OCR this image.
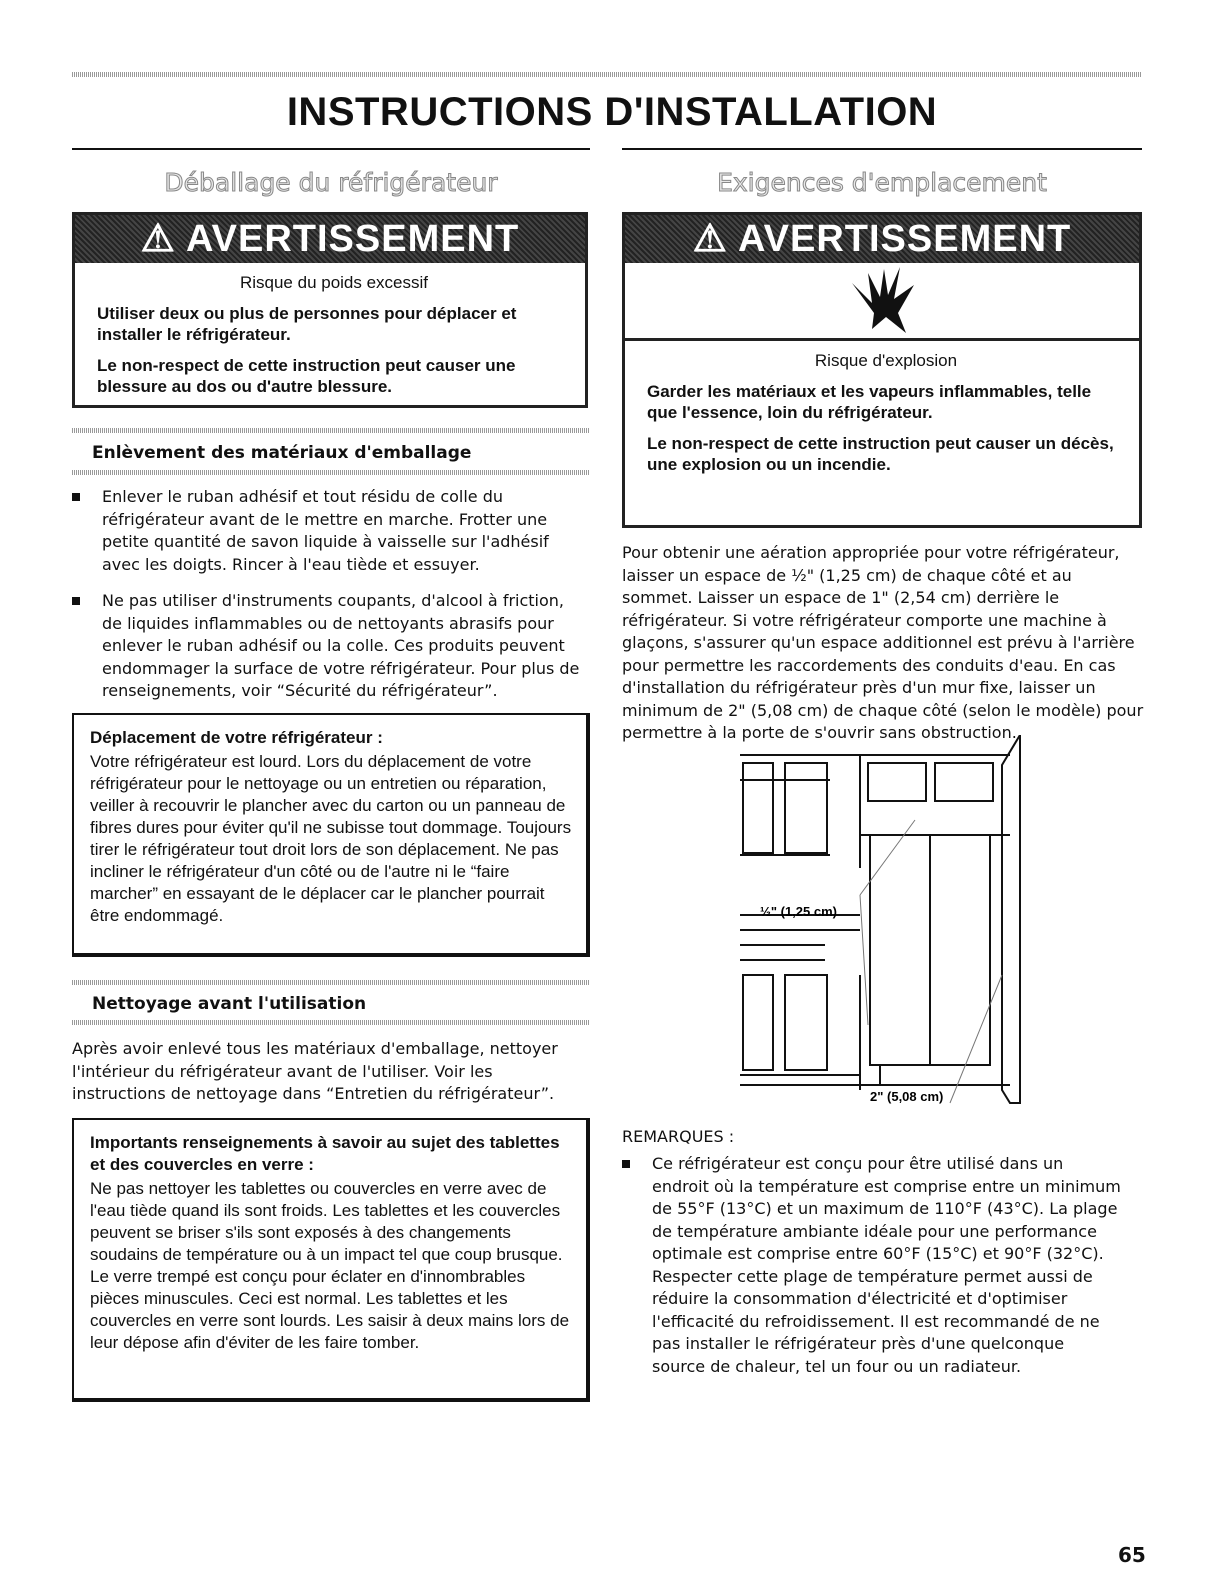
INSTRUCTIONS D'INSTALLATION
Déballage du réfrigérateur
⚠ AVERTISSEMENT
Risque du poids excessif

Utiliser deux ou plus de personnes pour déplacer et installer le réfrigérateur.

Le non-respect de cette instruction peut causer une blessure au dos ou d'autre blessure.

Enlèvement des matériaux d'emballage
Enlever le ruban adhésif et tout résidu de colle du réfrigérateur avant de le mettre en marche. Frotter une petite quantité de savon liquide à vaisselle sur l'adhésif avec les doigts. Rincer à l'eau tiède et essuyer.
Ne pas utiliser d'instruments coupants, d'alcool à friction, de liquides inflammables ou de nettoyants abrasifs pour enlever le ruban adhésif ou la colle. Ces produits peuvent endommager la surface de votre réfrigérateur. Pour plus de renseignements, voir “Sécurité du réfrigérateur”.
Déplacement de votre réfrigérateur :
Votre réfrigérateur est lourd. Lors du déplacement de votre réfrigérateur pour le nettoyage ou un entretien ou réparation, veiller à recouvrir le plancher avec du carton ou un panneau de fibres dures pour éviter qu'il ne subisse tout dommage. Toujours tirer le réfrigérateur tout droit lors de son déplacement. Ne pas incliner le réfrigérateur d'un côté ou de l'autre ni le “faire marcher” en essayant de le déplacer car le plancher pourrait être endommagé.
Nettoyage avant l'utilisation
Après avoir enlevé tous les matériaux d'emballage, nettoyer l'intérieur du réfrigérateur avant de l'utiliser. Voir les instructions de nettoyage dans “Entretien du réfrigérateur”.
Importants renseignements à savoir au sujet des tablettes et des couvercles en verre :
Ne pas nettoyer les tablettes ou couvercles en verre avec de l'eau tiède quand ils sont froids. Les tablettes et les couvercles peuvent se briser s'ils sont exposés à des changements soudains de température ou à un impact tel que coup brusque. Le verre trempé est conçu pour éclater en d'innombrables pièces minuscules. Ceci est normal. Les tablettes et les couvercles en verre sont lourds. Les saisir à deux mains lors de leur dépose afin d'éviter de les faire tomber.
Exigences d'emplacement
⚠ AVERTISSEMENT
Risque d'explosion

Garder les matériaux et les vapeurs inflammables, telle que l'essence, loin du réfrigérateur.

Le non-respect de cette instruction peut causer un décès, une explosion ou un incendie.

Pour obtenir une aération appropriée pour votre réfrigérateur, laisser un espace de ½" (1,25 cm) de chaque côté et au sommet. Laisser un espace de 1" (2,54 cm) derrière le réfrigérateur. Si votre réfrigérateur comporte une machine à glaçons, s'assurer qu'un espace additionnel est prévu à l'arrière pour permettre les raccordements des conduits d'eau. En cas d'installation du réfrigérateur près d'un mur fixe, laisser un minimum de 2" (5,08 cm) de chaque côté (selon le modèle) pour permettre à la porte de s'ouvrir sans obstruction.
½" (1,25 cm)
2" (5,08 cm)
REMARQUES :
Ce réfrigérateur est conçu pour être utilisé dans un endroit où la température est comprise entre un minimum de 55°F (13°C) et un maximum de 110°F (43°C). La plage de température ambiante idéale pour une performance optimale est comprise entre 60°F (15°C) et 90°F (32°C). Respecter cette plage de température permet aussi de réduire la consommation d'électricité et d'optimiser l'efficacité du refroidissement. Il est recommandé de ne pas installer le réfrigérateur près d'une quelconque source de chaleur, tel un four ou un radiateur.
65
